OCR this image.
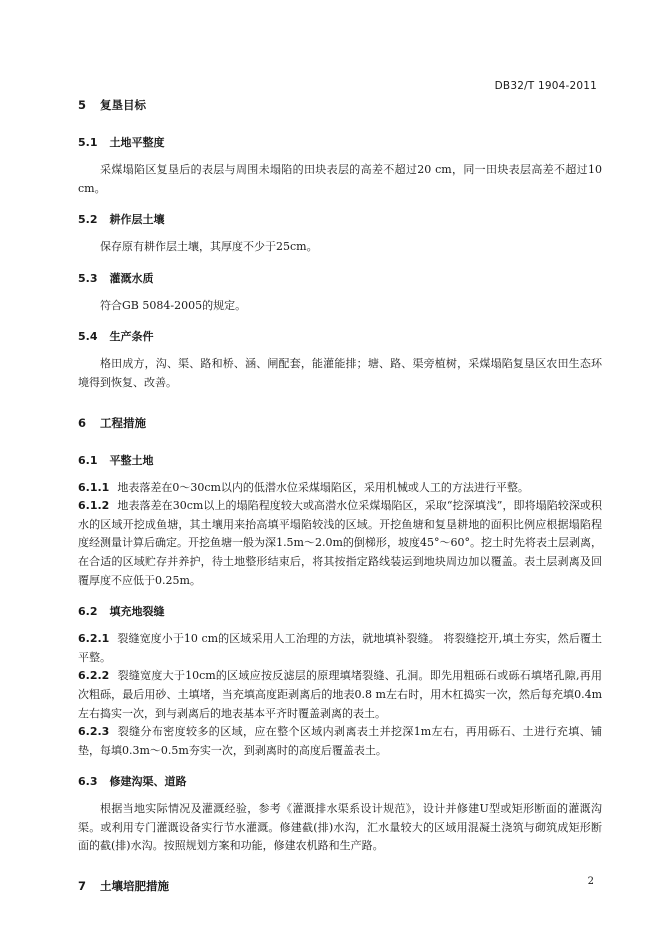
DB32/T 1904-2011

5 复垦目标

5.1 土地平整度

采煤塌陷区复垦后的表层与周围未塌陷的田块表层的高差不超过20 cm，同一田块表层高差不超过10 cm。

5.2 耕作层土壤

保存原有耕作层土壤，其厚度不少于25cm。

5.3 灌溉水质

符合GB 5084-2005的规定。

5.4 生产条件

格田成方，沟、渠、路和桥、涵、闸配套，能灌能排；塘、路、渠旁植树，采煤塌陷复垦区农田生态环境得到恢复、改善。

6 工程措施

6.1 平整土地

6.1.1 地表落差在0～30cm以内的低潜水位采煤塌陷区，采用机械或人工的方法进行平整。

6.1.2 地表落差在30cm以上的塌陷程度较大或高潜水位采煤塌陷区，采取“挖深填浅”，即将塌陷较深或积水的区域开挖成鱼塘，其土壤用来抬高填平塌陷较浅的区域。开挖鱼塘和复垦耕地的面积比例应根据塌陷程度经测量计算后确定。开挖鱼塘一般为深1.5m～2.0m的倒梯形，坡度45°～60°。挖土时先将表土层剥离，在合适的区域贮存并养护，待土地整形结束后，将其按指定路线装运到地块周边加以覆盖。表土层剥离及回覆厚度不应低于0.25m。

6.2 填充地裂缝

6.2.1 裂缝宽度小于10 cm的区域采用人工治理的方法，就地填补裂缝。 将裂缝挖开,填土夯实，然后覆土平整。

6.2.2 裂缝宽度大于10cm的区域应按反滤层的原理填堵裂缝、孔洞。即先用粗砾石或砾石填堵孔隙,再用次粗砾，最后用砂、土填堵，当充填高度距剥离后的地表0.8 m左右时，用木杠捣实一次，然后每充填0.4m左右捣实一次，到与剥离后的地表基本平齐时覆盖剥离的表土。

6.2.3 裂缝分布密度较多的区域，应在整个区域内剥离表土并挖深1m左右，再用砾石、土进行充填、铺垫，每填0.3m～0.5m夯实一次，到剥离时的高度后覆盖表土。

6.3 修建沟渠、道路

根据当地实际情况及灌溉经验，参考《灌溉排水渠系设计规范》，设计并修建U型或矩形断面的灌溉沟渠。或利用专门灌溉设备实行节水灌溉。修建截(排)水沟，汇水量较大的区域用混凝土浇筑与砌筑成矩形断面的截(排)水沟。按照规划方案和功能，修建农机路和生产路。

7 土壤培肥措施	2
